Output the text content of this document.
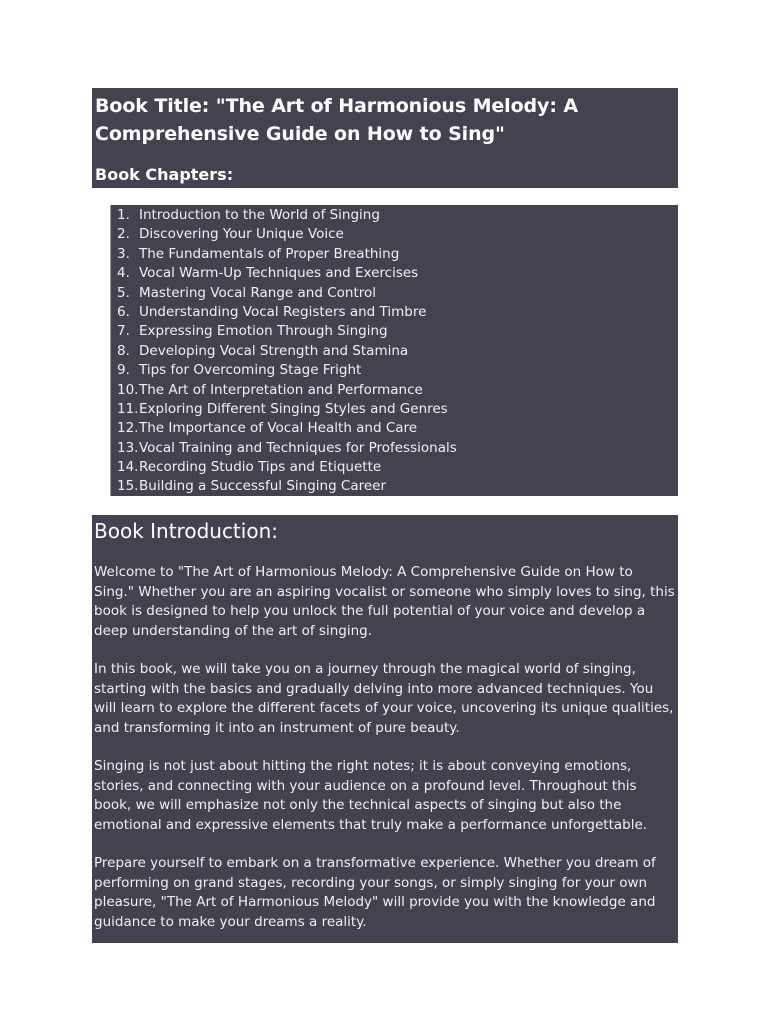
Book Title: "The Art of Harmonious Melody: A Comprehensive Guide on How to Sing"
Book Chapters:
1. Introduction to the World of Singing
2. Discovering Your Unique Voice
3. The Fundamentals of Proper Breathing
4. Vocal Warm-Up Techniques and Exercises
5. Mastering Vocal Range and Control
6. Understanding Vocal Registers and Timbre
7. Expressing Emotion Through Singing
8. Developing Vocal Strength and Stamina
9. Tips for Overcoming Stage Fright
10.The Art of Interpretation and Performance
11.Exploring Different Singing Styles and Genres
12.The Importance of Vocal Health and Care
13.Vocal Training and Techniques for Professionals
14.Recording Studio Tips and Etiquette
15.Building a Successful Singing Career
Book Introduction:

Welcome to "The Art of Harmonious Melody: A Comprehensive Guide on How to Sing." Whether you are an aspiring vocalist or someone who simply loves to sing, this book is designed to help you unlock the full potential of your voice and develop a deep understanding of the art of singing.

In this book, we will take you on a journey through the magical world of singing, starting with the basics and gradually delving into more advanced techniques. You will learn to explore the different facets of your voice, uncovering its unique qualities, and transforming it into an instrument of pure beauty.

Singing is not just about hitting the right notes; it is about conveying emotions, stories, and connecting with your audience on a profound level. Throughout this book, we will emphasize not only the technical aspects of singing but also the emotional and expressive elements that truly make a performance unforgettable.

Prepare yourself to embark on a transformative experience. Whether you dream of performing on grand stages, recording your songs, or simply singing for your own pleasure, "The Art of Harmonious Melody" will provide you with the knowledge and guidance to make your dreams a reality.
